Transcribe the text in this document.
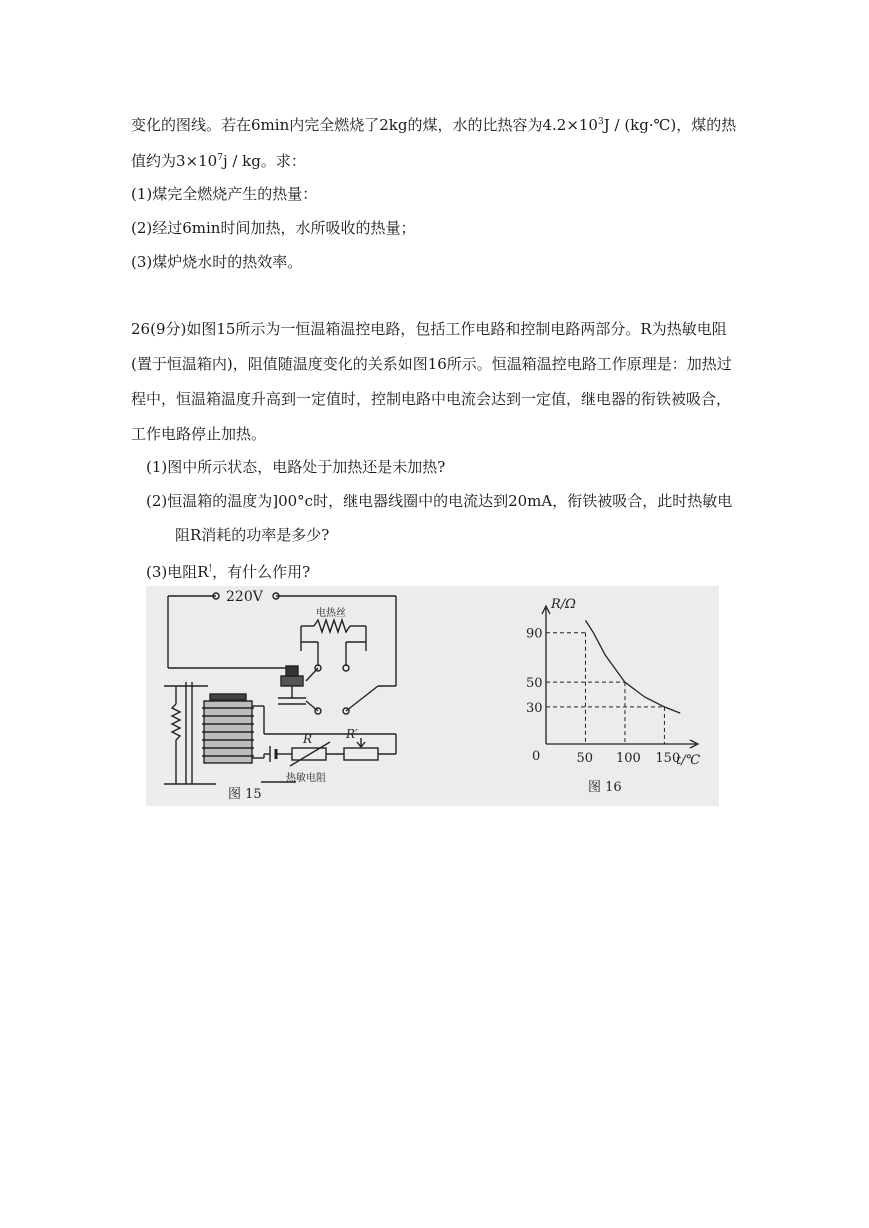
变化的图线。若在6min内完全燃烧了2kg的煤，水的比热容为$4.2\times 10^3J$ / (kg·℃)，煤的热
值约为$3\times 10^7j$ / kg。求：
(1)煤完全燃烧产生的热量：
(2)经过6min时间加热，水所吸收的热量；
(3)煤炉烧水时的热效率。
26(9分)如图15所示为一恒温箱温控电路，包括工作电路和控制电路两部分。R为热敏电阻
(置于恒温箱内)，阻值随温度变化的关系如图16所示。恒温箱温控电路工作原理是：加热过
程中，恒温箱温度升高到一定值时，控制电路中电流会达到一定值，继电器的衔铁被吸合，
工作电路停止加热。
(1)图中所示状态，电路处于加热还是未加热?
(2)恒温箱的温度为]00°c时，继电器线圈中的电流达到20mA，衔铁被吸合，此时热敏电
阻R消耗的功率是多少?
(3)电阻R!，有什么作用?
220V
电热丝
R	R′
热敏电阻
图 15
50 100 150
30
50
90
R/Ω
t/℃
0
图 16
